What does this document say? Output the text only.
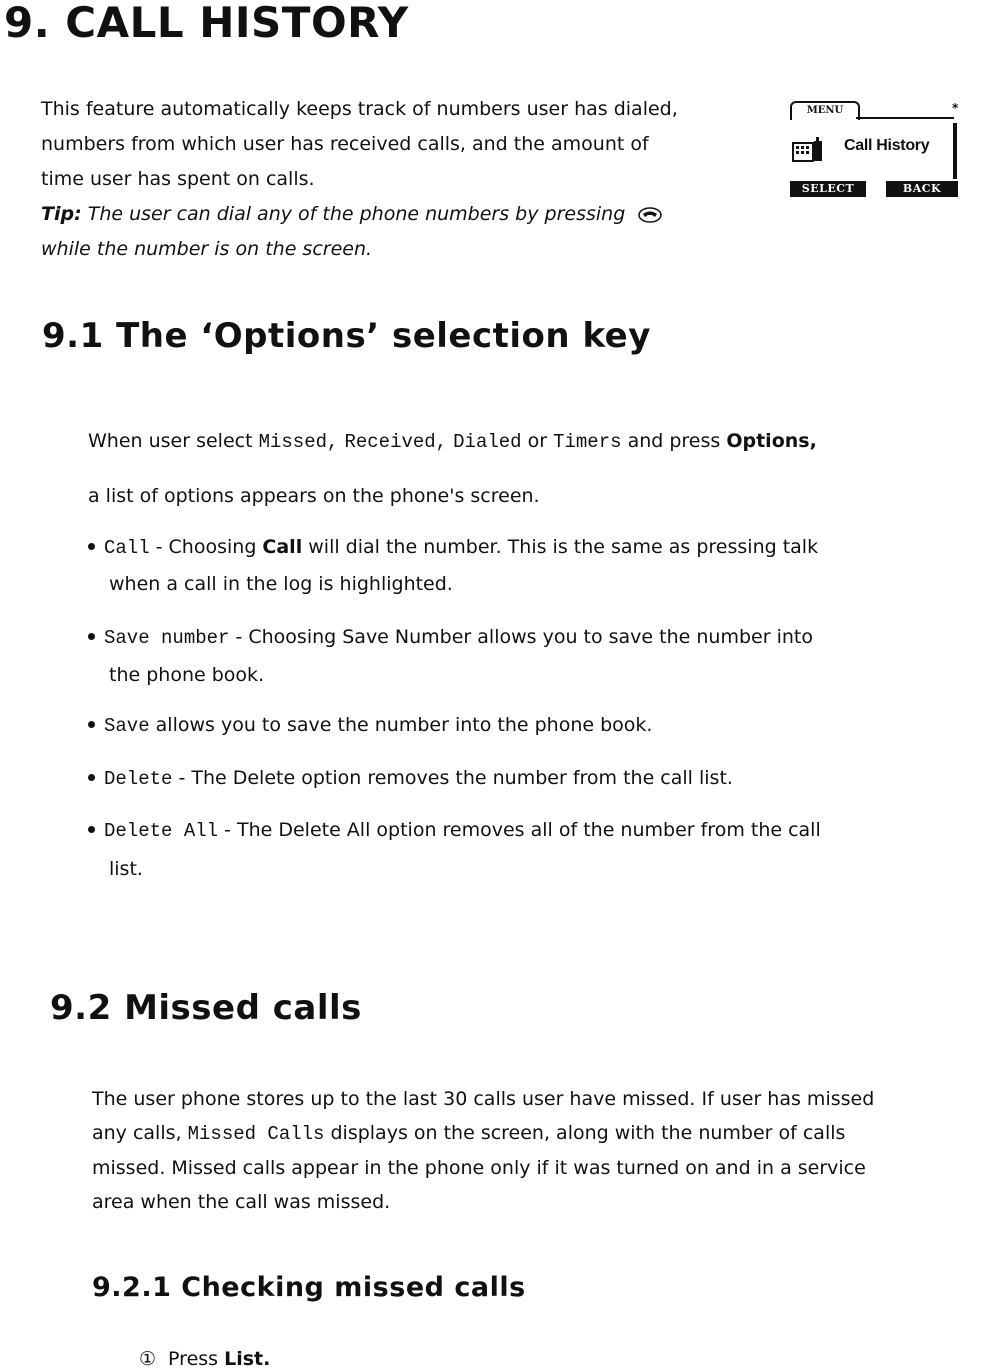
9. CALL HISTORY
This feature automatically keeps track of numbers user has dialed,
numbers from which user has received calls, and the amount of
time user has spent on calls.
Tip: The user can dial any of the phone numbers by pressing
while the number is on the screen.
MENU	*
Call History
SELECT	BACK
9.1 The ‘Options’ selection key
When user select Missed, Received, Dialed or Timers and press Options,
a list of options appears on the phone's screen.
Call - Choosing Call will dial the number. This is the same as pressing talk
when a call in the log is highlighted.
Save number - Choosing Save Number allows you to save the number into
the phone book.
Save allows you to save the number into the phone book.
Delete - The Delete option removes the number from the call list.
Delete All - The Delete All option removes all of the number from the call
list.
9.2 Missed calls
The user phone stores up to the last 30 calls user have missed. If user has missed
any calls, Missed Calls displays on the screen, along with the number of calls
missed. Missed calls appear in the phone only if it was turned on and in a service
area when the call was missed.
9.2.1 Checking missed calls
① Press List.
